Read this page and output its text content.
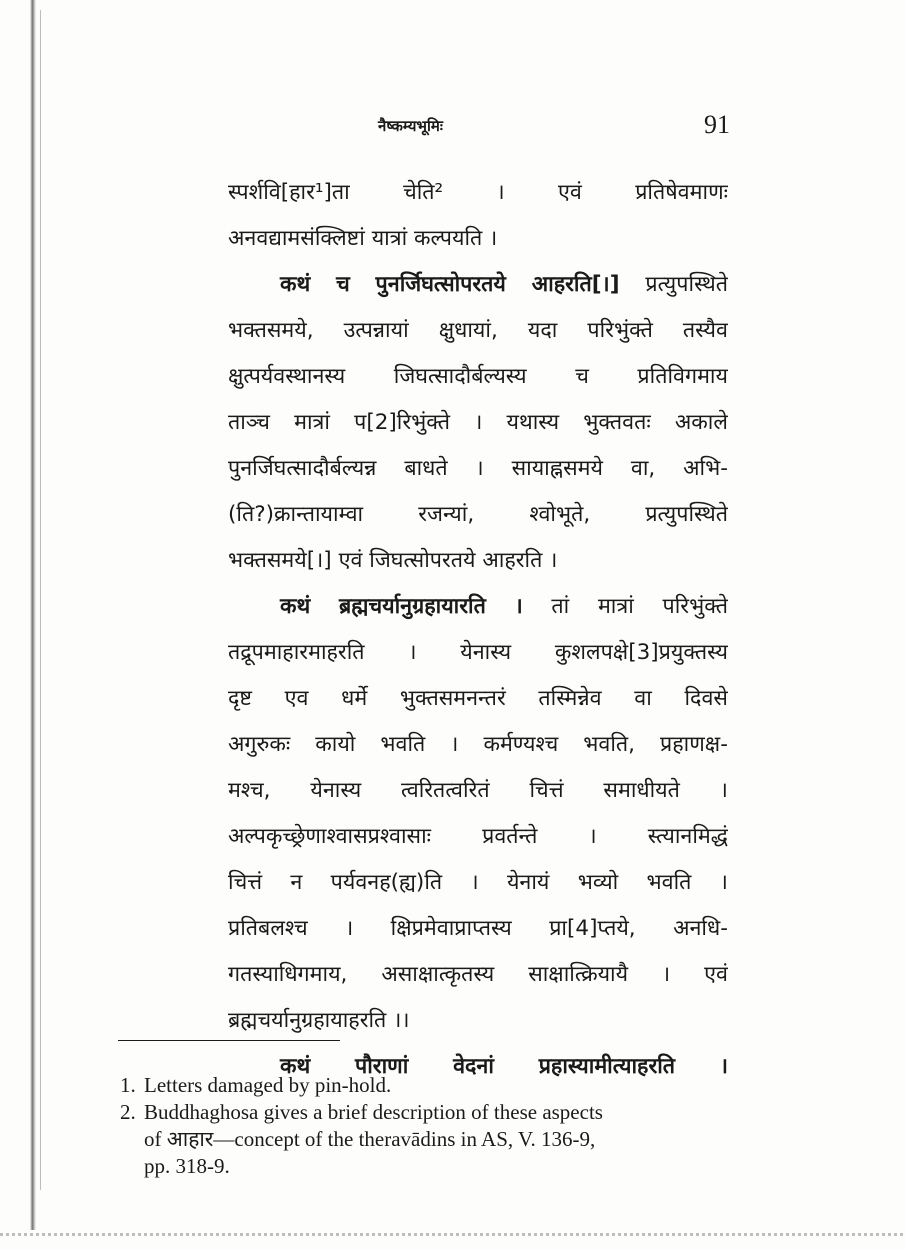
नैष्कम्यभूमिः	91
स्पर्शवि[हार¹]ता चेति² । एवं प्रतिषेवमाणः
अनवद्यामसंक्लिष्टां यात्रां कल्पयति ।
कथं च पुनर्जिघत्सोपरतये आहरति[।] प्रत्युपस्थिते
भक्तसमये, उत्पन्नायां क्षुधायां, यदा परिभुंक्ते तस्यैव
क्षुत्पर्यवस्थानस्य जिघत्सादौर्बल्यस्य च प्रतिविगमाय
ताञ्च मात्रां प[2]रिभुंक्ते । यथास्य भुक्तवतः अकाले
पुनर्जिघत्सादौर्बल्यन्न बाधते । सायाह्नसमये वा, अभि-
(ति?)क्रान्तायाम्वा	रजन्यां,	श्वोभूते,	प्रत्युपस्थिते
भक्तसमये[।] एवं जिघत्सोपरतये आहरति ।
कथं ब्रह्मचर्यानुग्रहायारति । तां मात्रां परिभुंक्ते
तद्रूपमाहारमाहरति । येनास्य कुशलपक्षे[3]प्रयुक्तस्य
दृष्ट एव धर्मे भुक्तसमनन्तरं तस्मिन्नेव वा दिवसे
अगुरुकः कायो भवति । कर्मण्यश्च भवति, प्रहाणक्ष-
मश्च, येनास्य त्वरितत्वरितं चित्तं समाधीयते ।
अल्पकृच्छ्रेणाश्वासप्रश्वासाः प्रवर्तन्ते । स्त्यानमिद्धं
चित्तं न पर्यवनह(ह्य)ति । येनायं भव्यो भवति ।
प्रतिबलश्च । क्षिप्रमेवाप्राप्तस्य प्रा[4]प्तये, अनधि-
गतस्याधिगमाय, असाक्षात्कृतस्य साक्षात्क्रियायै । एवं
ब्रह्मचर्यानुग्रहायाहरति ।।
कथं पौराणां वेदनां प्रहास्यामीत्याहरति ।
1. Letters damaged by pin-hold.
2. Buddhaghosa gives a brief description of these aspects
of आहार—concept of the theravādins in AS, V. 136-9,
pp. 318-9.
